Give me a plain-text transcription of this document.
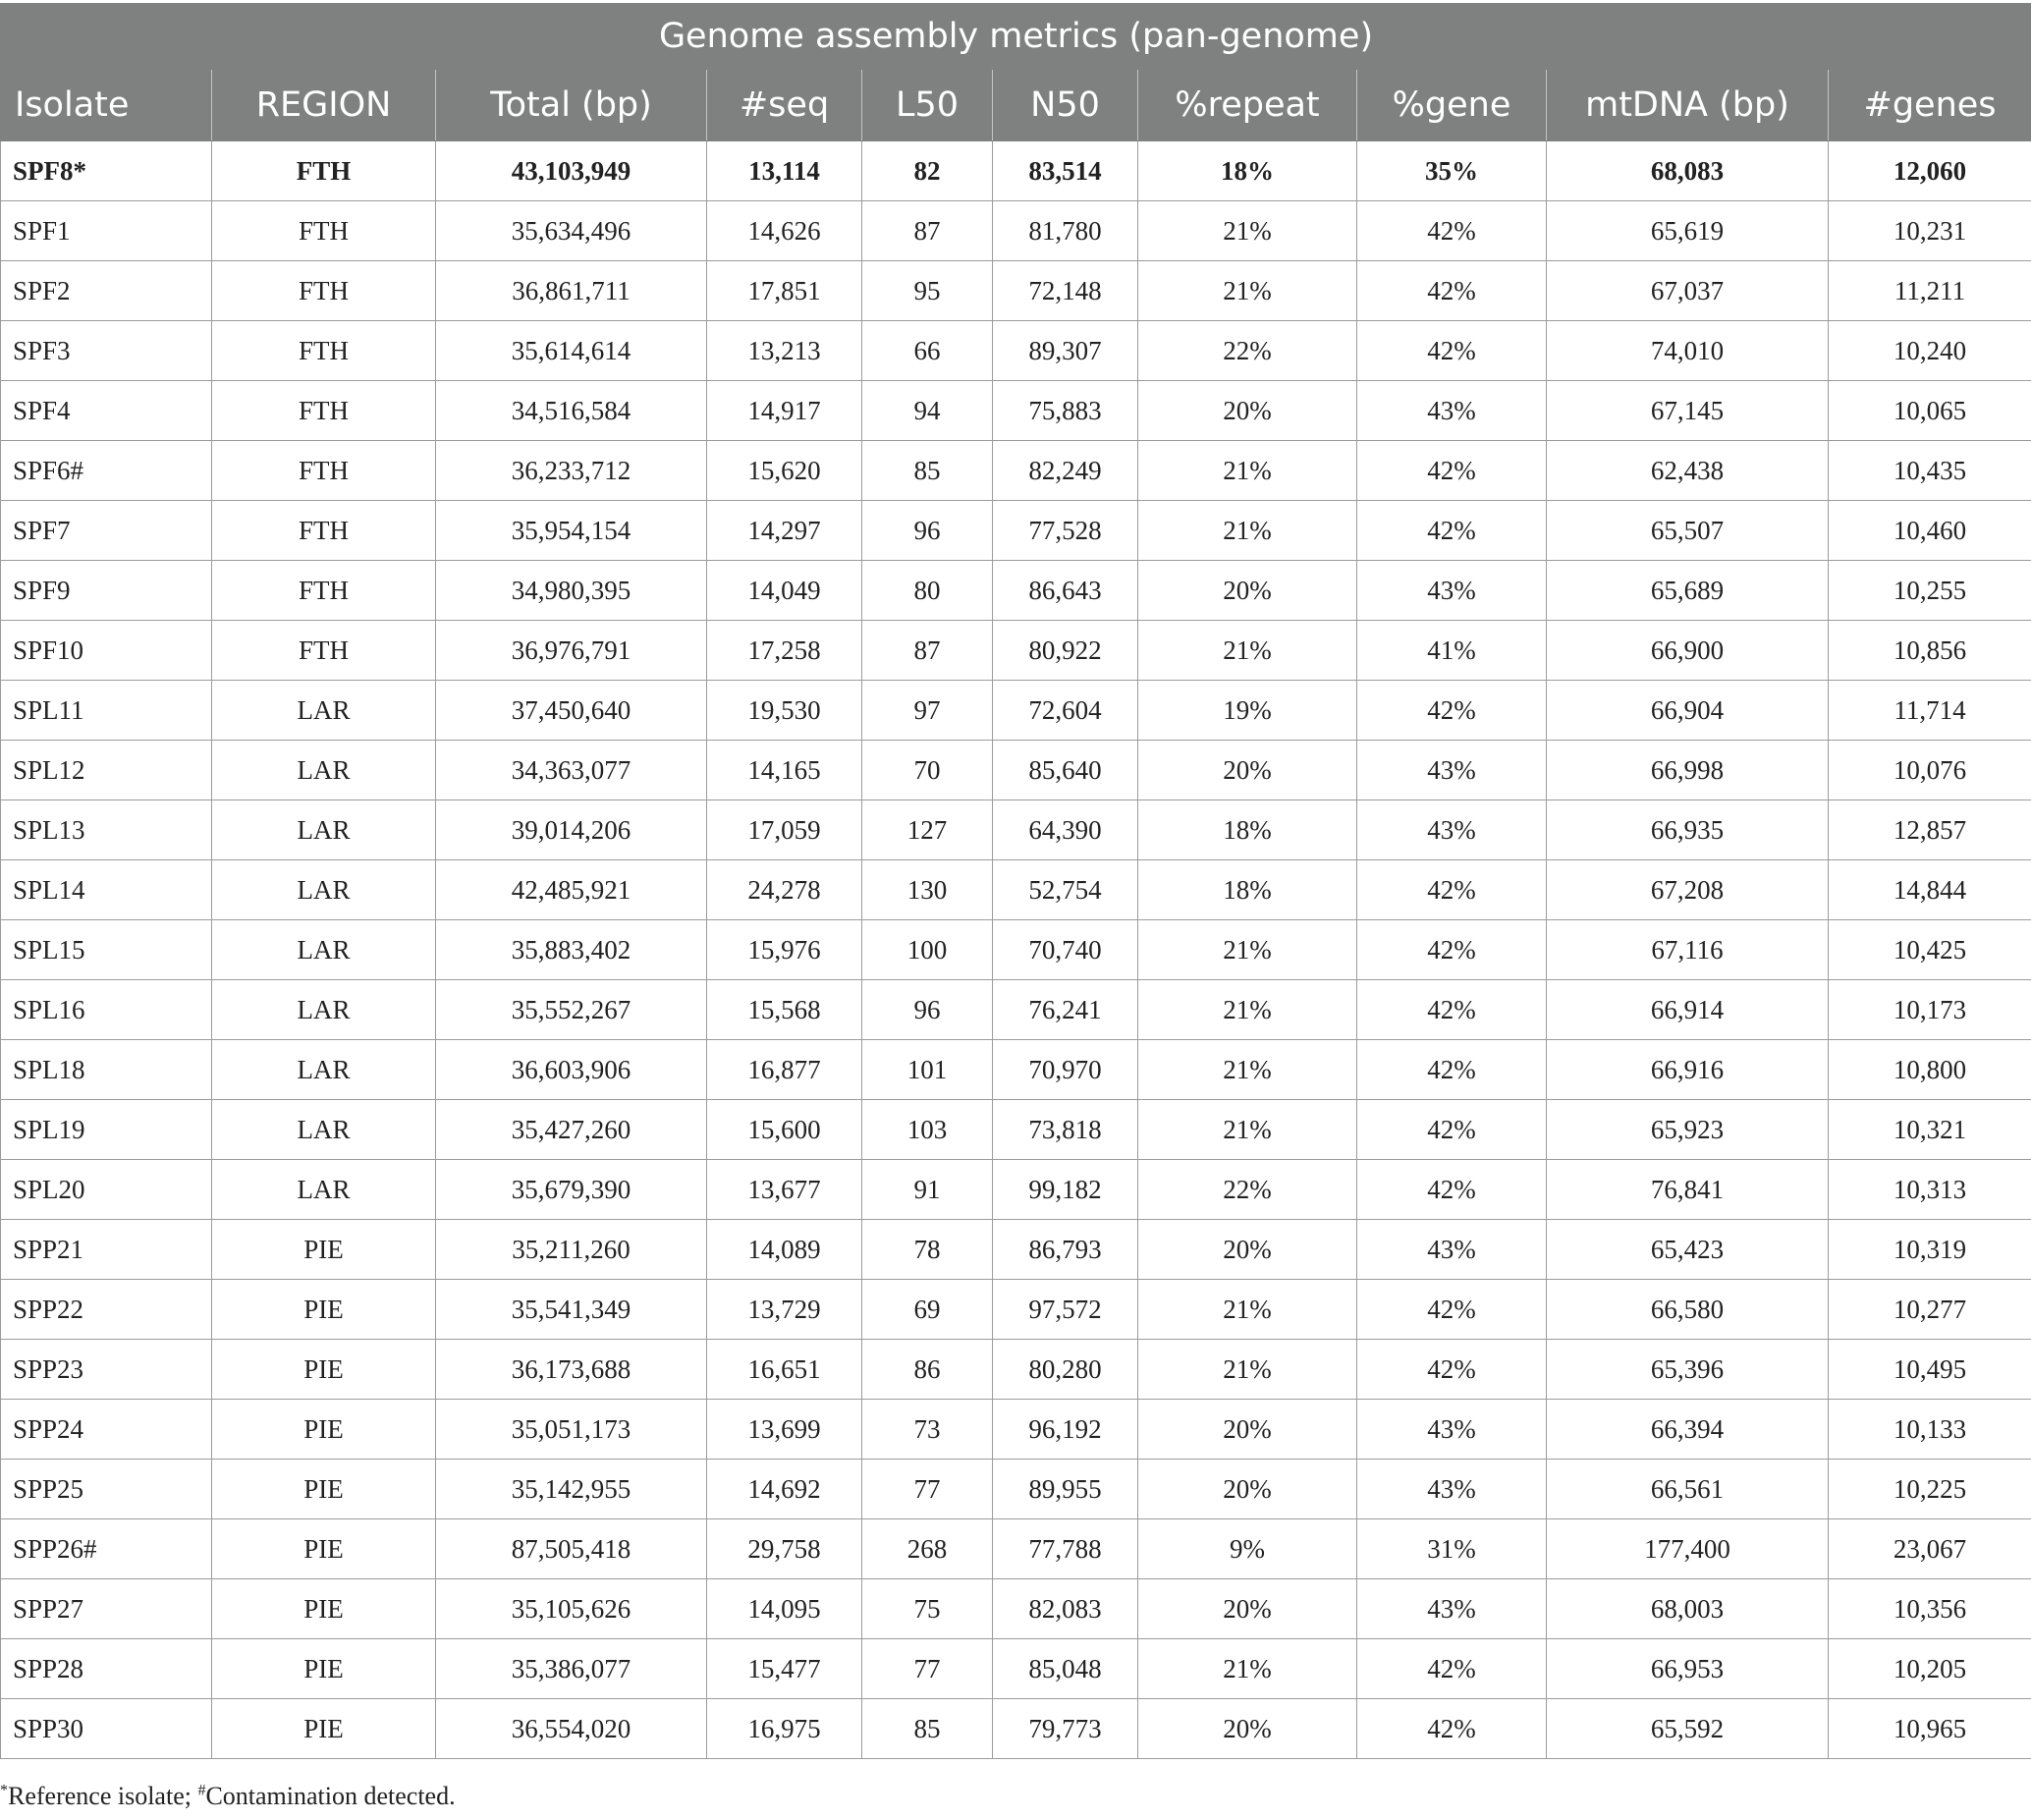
Genome assembly metrics (pan-genome)									
Isolate	REGION	Total (bp)	#seq	L50	N50	%repeat	%gene	mtDNA (bp)	#genes
SPF8*	FTH	43,103,949	13,114	82	83,514	18%	35%	68,083	12,060
SPF1	FTH	35,634,496	14,626	87	81,780	21%	42%	65,619	10,231
SPF2	FTH	36,861,711	17,851	95	72,148	21%	42%	67,037	11,211
SPF3	FTH	35,614,614	13,213	66	89,307	22%	42%	74,010	10,240
SPF4	FTH	34,516,584	14,917	94	75,883	20%	43%	67,145	10,065
SPF6#	FTH	36,233,712	15,620	85	82,249	21%	42%	62,438	10,435
SPF7	FTH	35,954,154	14,297	96	77,528	21%	42%	65,507	10,460
SPF9	FTH	34,980,395	14,049	80	86,643	20%	43%	65,689	10,255
SPF10	FTH	36,976,791	17,258	87	80,922	21%	41%	66,900	10,856
SPL11	LAR	37,450,640	19,530	97	72,604	19%	42%	66,904	11,714
SPL12	LAR	34,363,077	14,165	70	85,640	20%	43%	66,998	10,076
SPL13	LAR	39,014,206	17,059	127	64,390	18%	43%	66,935	12,857
SPL14	LAR	42,485,921	24,278	130	52,754	18%	42%	67,208	14,844
SPL15	LAR	35,883,402	15,976	100	70,740	21%	42%	67,116	10,425
SPL16	LAR	35,552,267	15,568	96	76,241	21%	42%	66,914	10,173
SPL18	LAR	36,603,906	16,877	101	70,970	21%	42%	66,916	10,800
SPL19	LAR	35,427,260	15,600	103	73,818	21%	42%	65,923	10,321
SPL20	LAR	35,679,390	13,677	91	99,182	22%	42%	76,841	10,313
SPP21	PIE	35,211,260	14,089	78	86,793	20%	43%	65,423	10,319
SPP22	PIE	35,541,349	13,729	69	97,572	21%	42%	66,580	10,277
SPP23	PIE	36,173,688	16,651	86	80,280	21%	42%	65,396	10,495
SPP24	PIE	35,051,173	13,699	73	96,192	20%	43%	66,394	10,133
SPP25	PIE	35,142,955	14,692	77	89,955	20%	43%	66,561	10,225
SPP26#	PIE	87,505,418	29,758	268	77,788	9%	31%	177,400	23,067
SPP27	PIE	35,105,626	14,095	75	82,083	20%	43%	68,003	10,356
SPP28	PIE	35,386,077	15,477	77	85,048	21%	42%	66,953	10,205
SPP30	PIE	36,554,020	16,975	85	79,773	20%	42%	65,592	10,965
*Reference isolate; #Contamination detected.
